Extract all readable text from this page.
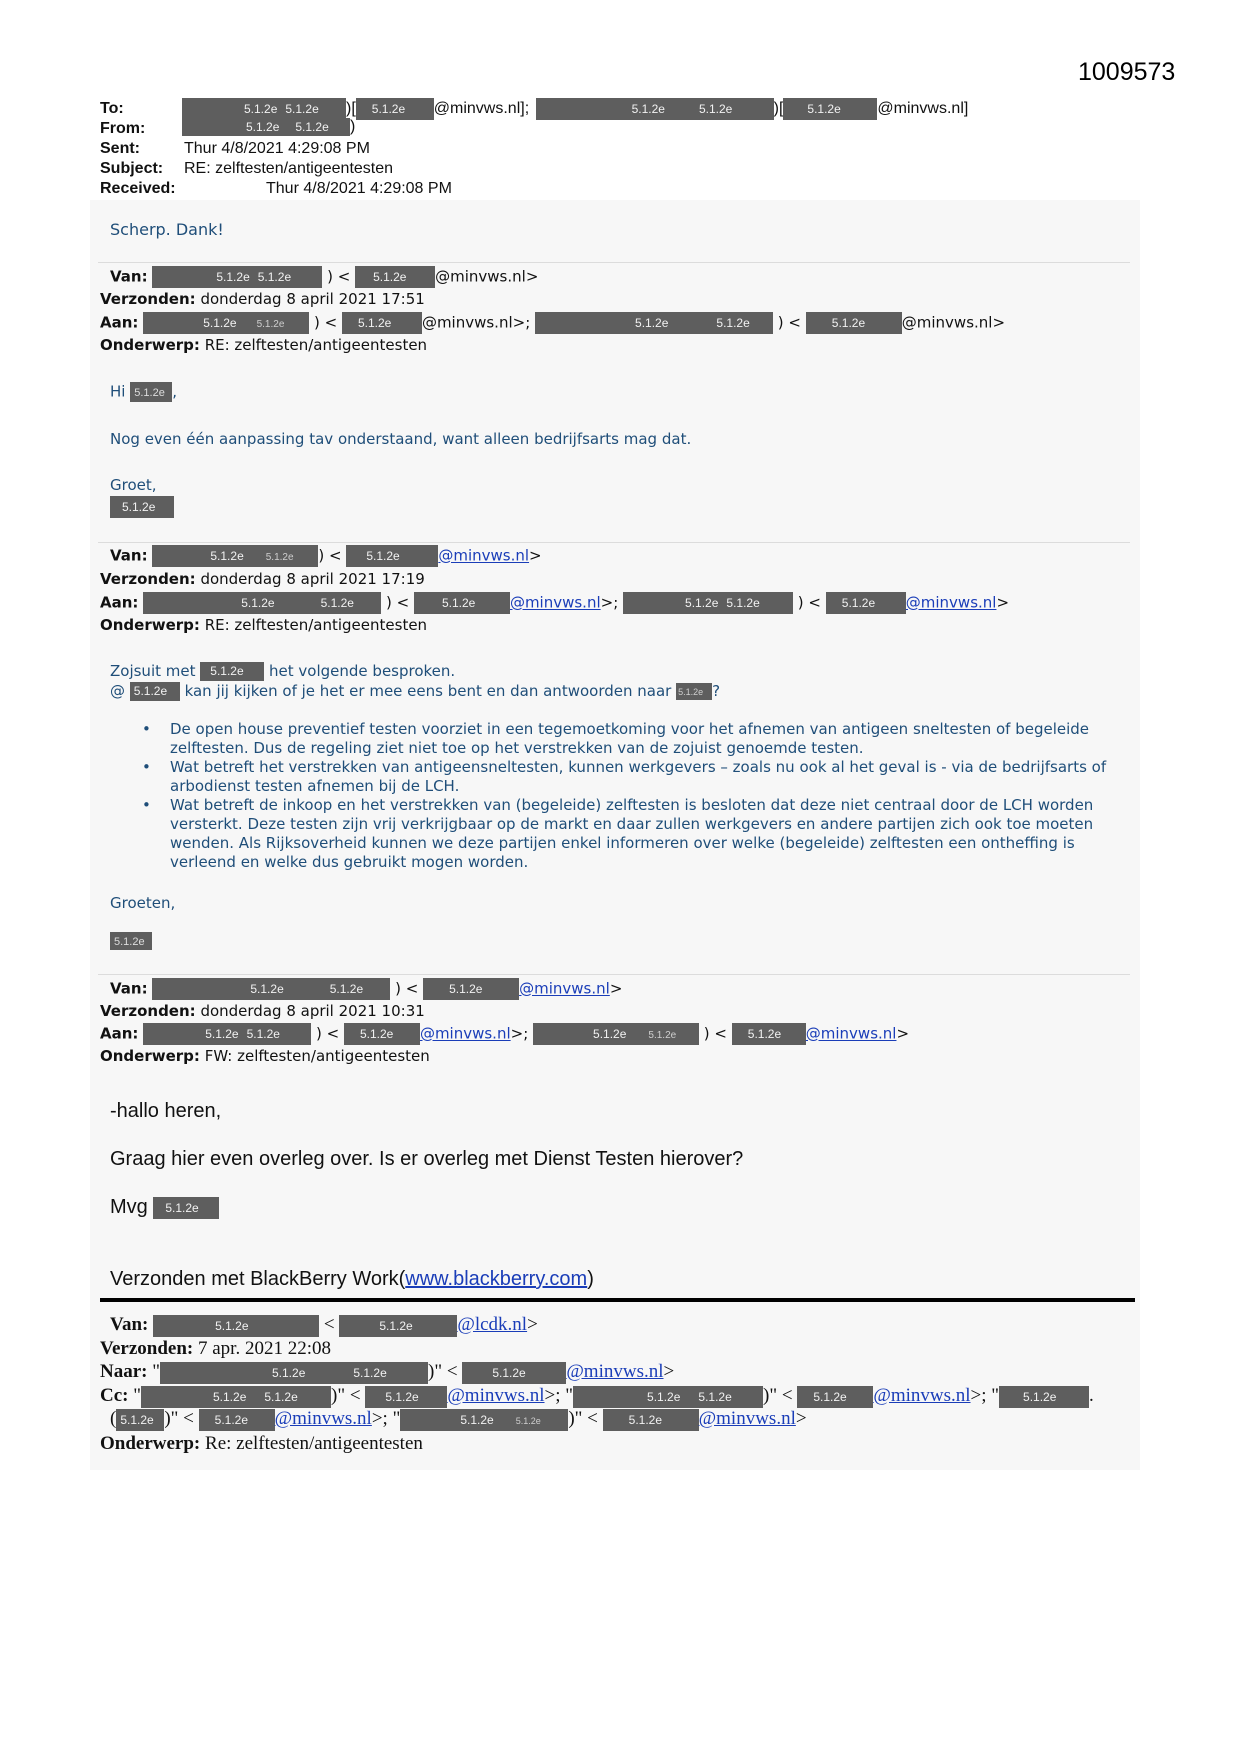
1009573
To:	5.1.2e 5.1.2e )[ 5.1.2e @minvws.nl];	5.1.2e	5.1.2e	)[ 5.1.2e @minvws.nl]
From:	5.1.2e 5.1.2e )
Sent:	Thur 4/8/2021 4:29:08 PM
Subject: RE: zelftesten/antigeentesten
Received:	Thur 4/8/2021 4:29:08 PM
Scherp. Dank!
Van:	5.1.2e 5.1.2e ) < 5.1.2e @minvws.nl>
Verzonden: donderdag 8 april 2021 17:51
Aan:	5.1.2e 5.1.2e ) < 5.1.2e @minvws.nl>;	5.1.2e	5.1.2e ) < 5.1.2e @minvws.nl>
Onderwerp: RE: zelftesten/antigeentesten
Hi 5.1.2e ,
Nog even één aanpassing tav onderstaand, want alleen bedrijfsarts mag dat.
Groet,
5.1.2e
Van:	5.1.2e 5.1.2e ) < 5.1.2e	@minvws.nl>
Verzonden: donderdag 8 april 2021 17:19
Aan:	5.1.2e	5.1.2e ) < 5.1.2e @minvws.nl>;	5.1.2e 5.1.2e ) < 5.1.2e @minvws.nl>
Onderwerp: RE: zelftesten/antigeentesten
Zojsuit met 5.1.2e het volgende besproken.
@ 5.1.2e kan jij kijken of je het er mee eens bent en dan antwoorden naar 5.1.2e ?
• De open house preventief testen voorziet in een tegemoetkoming voor het afnemen van antigeen sneltesten of begeleide zelftesten. Dus de regeling ziet niet toe op het verstrekken van de zojuist genoemde testen.
• Wat betreft het verstrekken van antigeensneltesten, kunnen werkgevers – zoals nu ook al het geval is - via de bedrijfsarts of arbodienst testen afnemen bij de LCH.
• Wat betreft de inkoop en het verstrekken van (begeleide) zelftesten is besloten dat deze niet centraal door de LCH worden versterkt. Deze testen zijn vrij verkrijgbaar op de markt en daar zullen werkgevers en andere partijen zich ook toe moeten wenden. Als Rijksoverheid kunnen we deze partijen enkel informeren over welke (begeleide) zelftesten een ontheffing is verleend en welke dus gebruikt mogen worden.
Groeten,
5.1.2e
Van:	5.1.2e	5.1.2e ) < 5.1.2e @minvws.nl>
Verzonden: donderdag 8 april 2021 10:31
Aan:	5.1.2e 5.1.2e ) < 5.1.2e @minvws.nl>;	5.1.2e 5.1.2e ) < 5.1.2e @minvws.nl>
Onderwerp: FW: zelftesten/antigeentesten
-hallo heren,
Graag hier even overleg over. Is er overleg met Dienst Testen hierover?
Mvg 5.1.2e
Verzonden met BlackBerry Work(www.blackberry.com)
Van:	5.1.2e	<	5.1.2e @lcdk.nl>
Verzonden: 7 apr. 2021 22:08
Naar: "	5.1.2e	5.1.2e )" <	5.1.2e @minvws.nl>
Cc: "	5.1.2e 5.1.2e )" < 5.1.2e @minvws.nl>; "	5.1.2e 5.1.2e )" < 5.1.2e @minvws.nl>; " 5.1.2e .
( 5.1.2e )" < 5.1.2e @minvws.nl>; "	5.1.2e 5.1.2e )" < 5.1.2e @minvws.nl>
Onderwerp: Re: zelftesten/antigeentesten
